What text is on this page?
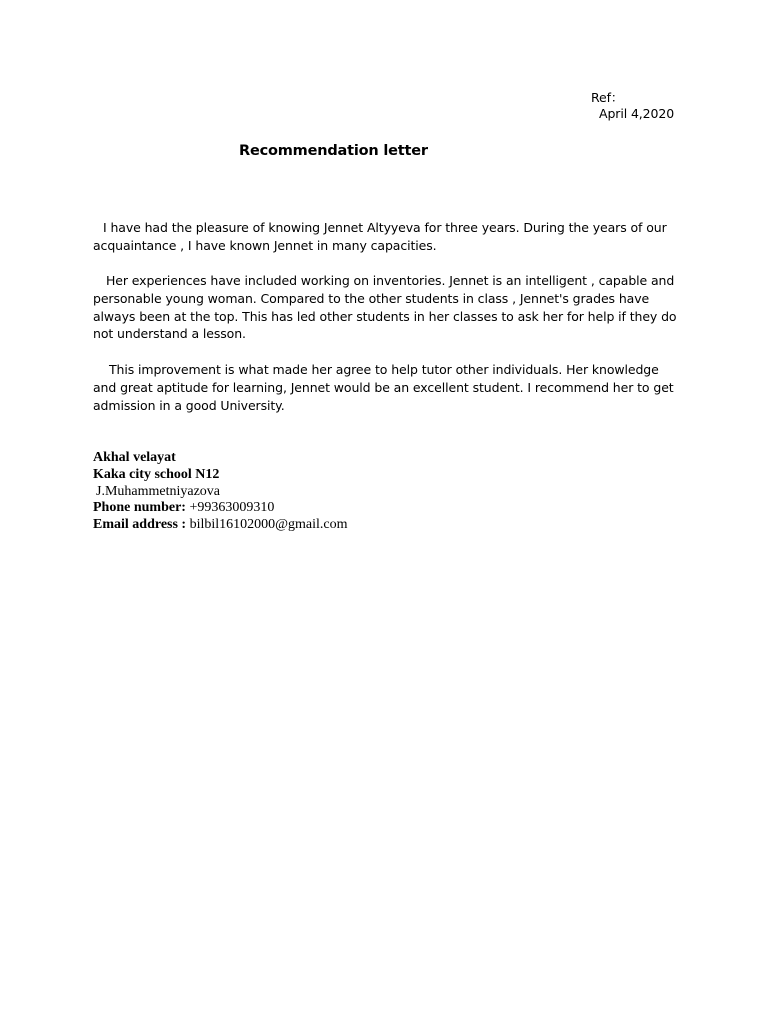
Ref：
April 4,2020
Recommendation letter

I have had the pleasure of knowing Jennet Altyyeva for three years. During the years of our acquaintance , I have known Jennet in many capacities.

Her experiences have included working on inventories. Jennet is an intelligent , capable and personable young woman. Compared to the other students in class , Jennet's grades have always been at the top. This has led other students in her classes to ask her for help if they do not understand a lesson.

This improvement is what made her agree to help tutor other individuals. Her knowledge and great aptitude for learning, Jennet would be an excellent student. I recommend her to get admission in a good University.

Akhal velayat
Kaka city school N12
J.Muhammetniyazova
Phone number: +99363009310
Email address : bilbil16102000@gmail.com
